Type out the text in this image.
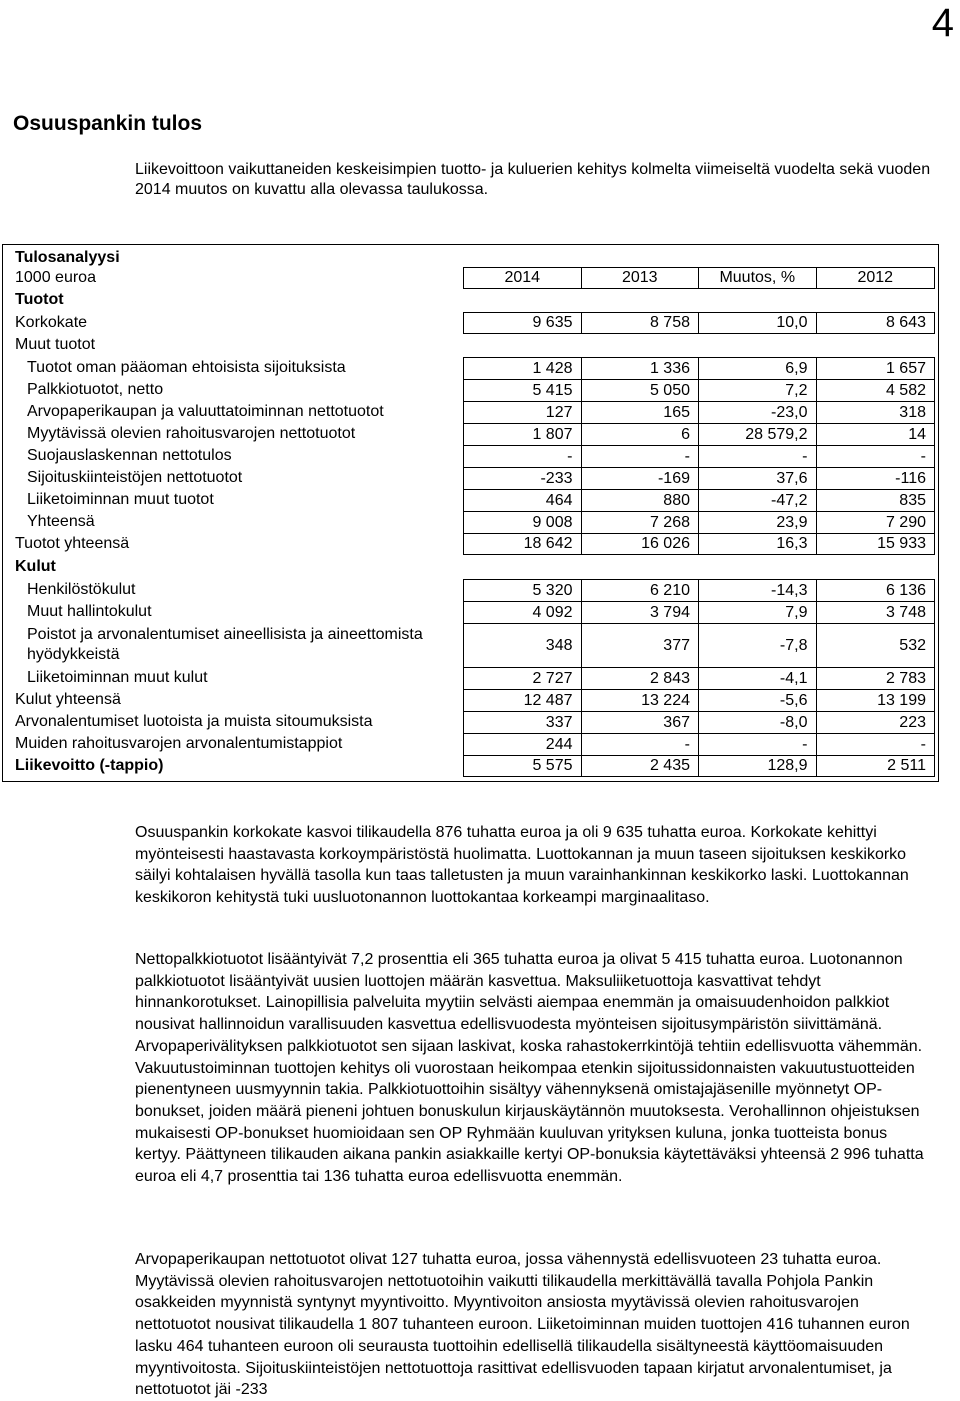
4
Osuuspankin tulos
Liikevoittoon vaikuttaneiden keskeisimpien tuotto- ja kuluerien kehitys kolmelta viimeiseltä vuodelta sekä vuoden 2014 muutos on kuvattu alla olevassa taulukossa.
Tulosanalyysi
1000 euroa	2014	2013	Muutos, %	2012
Tuotot
Korkokate	9 635	8 758	10,0	8 643
Muut tuotot
Tuotot oman pääoman ehtoisista sijoituksista	1 428	1 336	6,9	1 657
Palkkiotuotot, netto	5 415	5 050	7,2	4 582
Arvopaperikaupan ja valuuttatoiminnan nettotuotot	127	165	-23,0	318
Myytävissä olevien rahoitusvarojen nettotuotot	1 807	6	28 579,2	14
Suojauslaskennan nettotulos	-	-	-	-
Sijoituskiinteistöjen nettotuotot	-233	-169	37,6	-116
Liiketoiminnan muut tuotot	464	880	-47,2	835
Yhteensä	9 008	7 268	23,9	7 290
Tuotot yhteensä	18 642	16 026	16,3	15 933
Kulut
Henkilöstökulut	5 320	6 210	-14,3	6 136
Muut hallintokulut	4 092	3 794	7,9	3 748
Poistot ja arvonalentumiset aineellisista ja aineettomista hyödykkeistä
348	377	-7,8	532
Liiketoiminnan muut kulut	2 727	2 843	-4,1	2 783
Kulut yhteensä	12 487	13 224	-5,6	13 199
Arvonalentumiset luotoista ja muista sitoumuksista	337	367	-8,0	223
Muiden rahoitusvarojen arvonalentumistappiot	244	-	-	-
Liikevoitto (-tappio)	5 575	2 435	128,9	2 511
Osuuspankin korkokate kasvoi tilikaudella 876 tuhatta euroa ja oli 9 635 tuhatta euroa. Korkokate kehittyi myönteisesti haastavasta korkoympäristöstä huolimatta. Luottokannan ja muun taseen sijoituksen keskikorko säilyi kohtalaisen hyvällä tasolla kun taas talletusten ja muun varainhankinnan keskikorko laski. Luottokannan keskikoron kehitystä tuki uusluotonannon luottokantaa korkeampi marginaalitaso.
Nettopalkkiotuotot lisääntyivät 7,2 prosenttia eli 365 tuhatta euroa ja olivat 5 415 tuhatta euroa. Luotonannon palkkiotuotot lisääntyivät uusien luottojen määrän kasvettua. Maksuliiketuottoja kasvattivat tehdyt hinnankorotukset. Lainopillisia palveluita myytiin selvästi aiempaa enemmän ja omaisuudenhoidon palkkiot nousivat hallinnoidun varallisuuden kasvettua edellisvuodesta myönteisen sijoitusympäristön siivittämänä. Arvopaperivälityksen palkkiotuotot sen sijaan laskivat, koska rahastokerrkintöjä tehtiin edellisvuotta vähemmän. Vakuutustoiminnan tuottojen kehitys oli vuorostaan heikompaa etenkin sijoitussidonnaisten vakuutustuotteiden pienentyneen uusmyynnin takia. Palkkiotuottoihin sisältyy vähennyksenä omistajajäsenille myönnetyt OP-bonukset, joiden määrä pieneni johtuen bonuskulun kirjauskäytännön muutoksesta. Verohallinnon ohjeistuksen mukaisesti OP-bonukset huomioidaan sen OP Ryhmään kuuluvan yrityksen kuluna, jonka tuotteista bonus kertyy. Päättyneen tilikauden aikana pankin asiakkaille kertyi OP-bonuksia käytettäväksi yhteensä 2 996 tuhatta euroa eli 4,7 prosenttia tai 136 tuhatta euroa edellisvuotta enemmän.
Arvopaperikaupan nettotuotot olivat 127 tuhatta euroa, jossa vähennystä edellisvuoteen 23 tuhatta euroa. Myytävissä olevien rahoitusvarojen nettotuotoihin vaikutti tilikaudella merkittävällä tavalla Pohjola Pankin osakkeiden myynnistä syntynyt myyntivoitto. Myyntivoiton ansiosta myytävissä olevien rahoitusvarojen nettotuotot nousivat tilikaudella 1 807 tuhanteen euroon. Liiketoiminnan muiden tuottojen 416 tuhannen euron lasku 464 tuhanteen euroon oli seurausta tuottoihin edellisellä tilikaudella sisältyneestä käyttöomaisuuden myyntivoitosta. Sijoituskiinteistöjen nettotuottoja rasittivat edellisvuoden tapaan kirjatut arvonalentumiset, ja nettotuotot jäi -233
